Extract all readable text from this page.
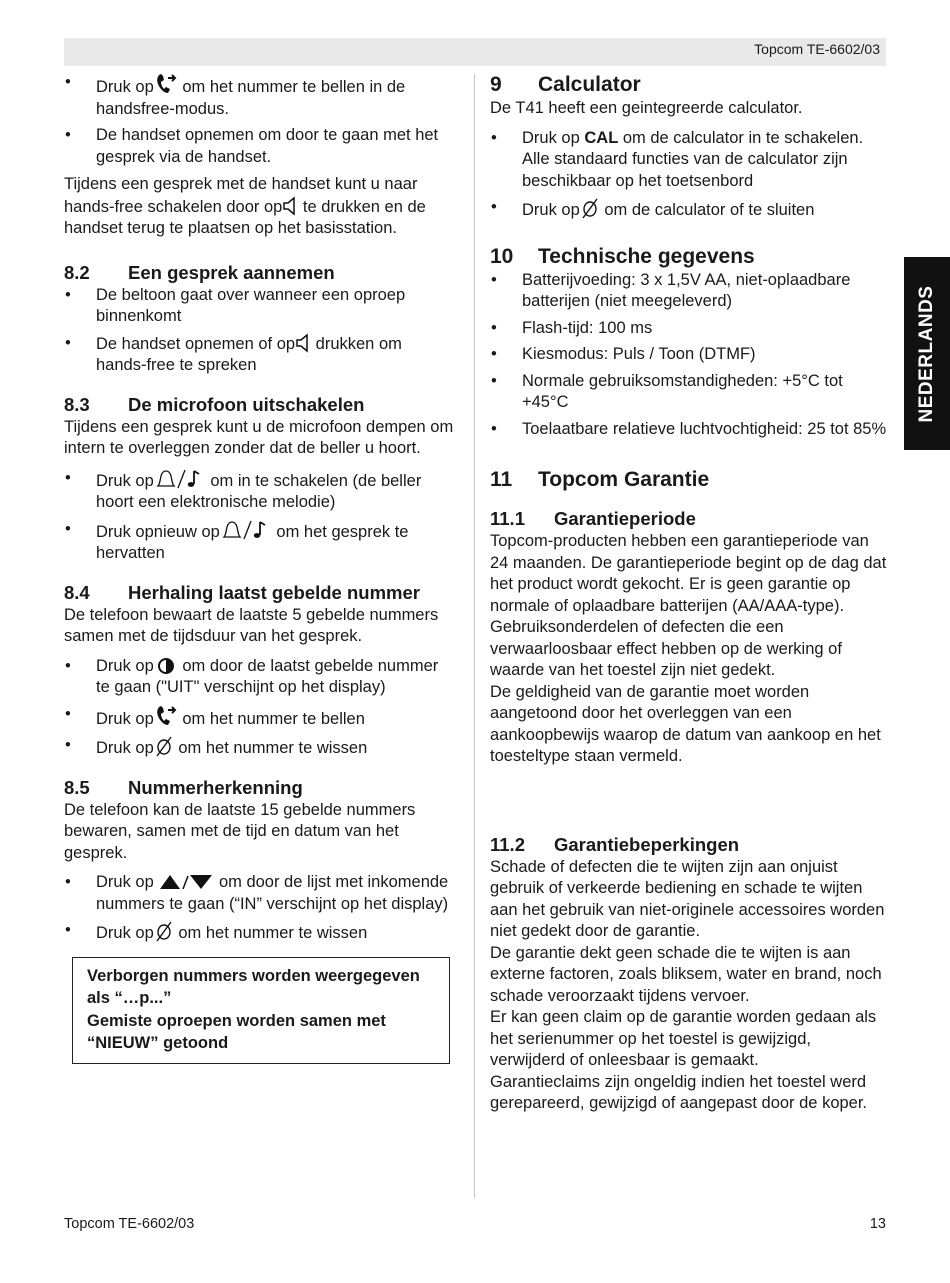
Topcom TE-6602/03
NEDERLANDS
• Druk op
om het nummer te bellen in de handsfree-modus.
• De handset opnemen om door te gaan met het gesprek via de handset.

Tijdens een gesprek met de handset kunt u naar hands-free schakelen door op
te drukken en de handset terug te plaatsen op het basisstation.

8.2 Een gesprek aannemen
• De beltoon gaat over wanneer een oproep binnenkomt
• De handset opnemen of op
drukken om hands-free te spreken
8.3 De microfoon uitschakelen

Tijdens een gesprek kunt u de microfoon dempen om intern te overleggen zonder dat de beller u hoort.

• Druk op	om in te schakelen (de beller hoort een elektronische melodie)
• Druk opnieuw op	om het gesprek te hervatten
8.4 Herhaling laatst gebelde nummer

De telefoon bewaart de laatste 5 gebelde nummers samen met de tijdsduur van het gesprek.

• Druk op
om door de laatst gebelde nummer te gaan ("UIT" verschijnt op het display)
• Druk op
om het nummer te bellen
• Druk op
om het nummer te wissen
8.5 Nummerherkenning

De telefoon kan de laatste 15 gebelde nummers bewaren, samen met de tijd en datum van het gesprek.

• Druk op	om door de lijst met inkomende nummers te gaan (“IN” verschijnt op het display)
• Druk op
om het nummer te wissen
Verborgen nummers worden weergegeven als “…p...”
Gemiste oproepen worden samen met “NIEUW” getoond
9 Calculator

De T41 heeft een geintegreerde calculator.

• Druk op CAL om de calculator in te schakelen. Alle standaard functies van de calculator zijn beschikbaar op het toetsenbord
• Druk op
om de calculator of te sluiten
10 Technische gegevens
• Batterijvoeding: 3 x 1,5V AA, niet-oplaadbare batterijen (niet meegeleverd)
• Flash-tijd: 100 ms
• Kiesmodus: Puls / Toon (DTMF)
• Normale gebruiksomstandigheden: +5°C tot +45°C
• Toelaatbare relatieve luchtvochtigheid: 25 tot 85%
11 Topcom Garantie
11.1 Garantieperiode

Topcom-producten hebben een garantieperiode van 24 maanden. De garantieperiode begint op de dag dat het product wordt gekocht. Er is geen garantie op normale of oplaadbare batterijen (AA/AAA-type). Gebruiksonderdelen of defecten die een verwaarloosbaar effect hebben op de werking of waarde van het toestel zijn niet gedekt.

De geldigheid van de garantie moet worden aangetoond door het overleggen van een aankoopbewijs waarop de datum van aankoop en het toesteltype staan vermeld.

11.2 Garantiebeperkingen

Schade of defecten die te wijten zijn aan onjuist gebruik of verkeerde bediening en schade te wijten aan het gebruik van niet-originele accessoires worden niet gedekt door de garantie.

De garantie dekt geen schade die te wijten is aan externe factoren, zoals bliksem, water en brand, noch schade veroorzaakt tijdens vervoer.

Er kan geen claim op de garantie worden gedaan als het serienummer op het toestel is gewijzigd, verwijderd of onleesbaar is gemaakt.

Garantieclaims zijn ongeldig indien het toestel werd gerepareerd, gewijzigd of aangepast door de koper.

Topcom TE-6602/03	13
